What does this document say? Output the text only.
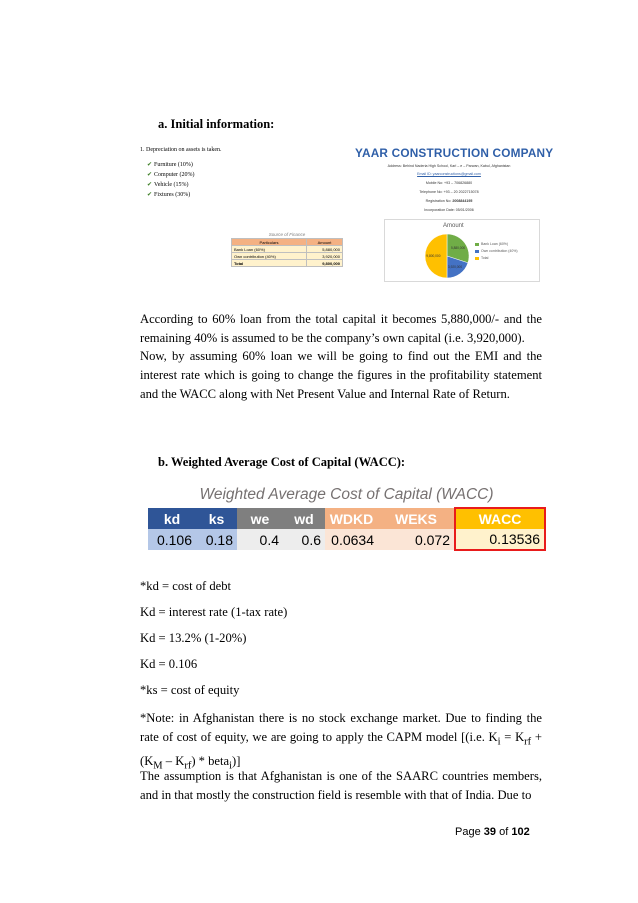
a. Initial information:
1. Depreciation on assets is taken.
✔ Furniture (10%)
✔ Computer (20%)
✔ Vehicle (15%)
✔ Fixtures (30%)
YAAR CONSTRUCTION COMPANY
Address: Behind Naderia High School, Karl – e – Parwan, Kabul, Afghanistan
Email ID: yaarconstructions@gmail.com
Mobile No: +93 – 706826880
Telephone No: +93 – 20 2022715078
Registration No: 2008844195
Incorporation Date: 05/01/2006
Source of Finance
Particulars	Amount
Bank Loan (60%)	5,880,000
Own contribution (40%)	3,920,000
Total	9,800,000
Amount
5,880,000
3,920,000
9,800,000
Bank Loan (60%)
Own contribution (40%)
Total
According to 60% loan from the total capital it becomes 5,880,000/- and the remaining 40% is assumed to be the company’s own capital (i.e. 3,920,000).
Now, by assuming 60% loan we will be going to find out the EMI and the interest rate which is going to change the figures in the profitability statement and the WACC along with Net Present Value and Internal Rate of Return.
b. Weighted Average Cost of Capital (WACC):
Weighted Average Cost of Capital (WACC)
kd	ks	we	wd	WDKD	WEKS	WACC
0.106	0.18	0.4	0.6	0.0634	0.072	0.13536
*kd = cost of debt
Kd = interest rate (1-tax rate)
Kd = 13.2% (1-20%)
Kd = 0.106
*ks = cost of equity
*Note: in Afghanistan there is no stock exchange market. Due to finding the rate of cost of equity, we are going to apply the CAPM model [(i.e. $K_i = K_{rf} + (K_M - K_{rf})$ * beta$_i$)]
The assumption is that Afghanistan is one of the SAARC countries members, and in that mostly the construction field is resemble with that of India. Due to
Page 39 of 102
